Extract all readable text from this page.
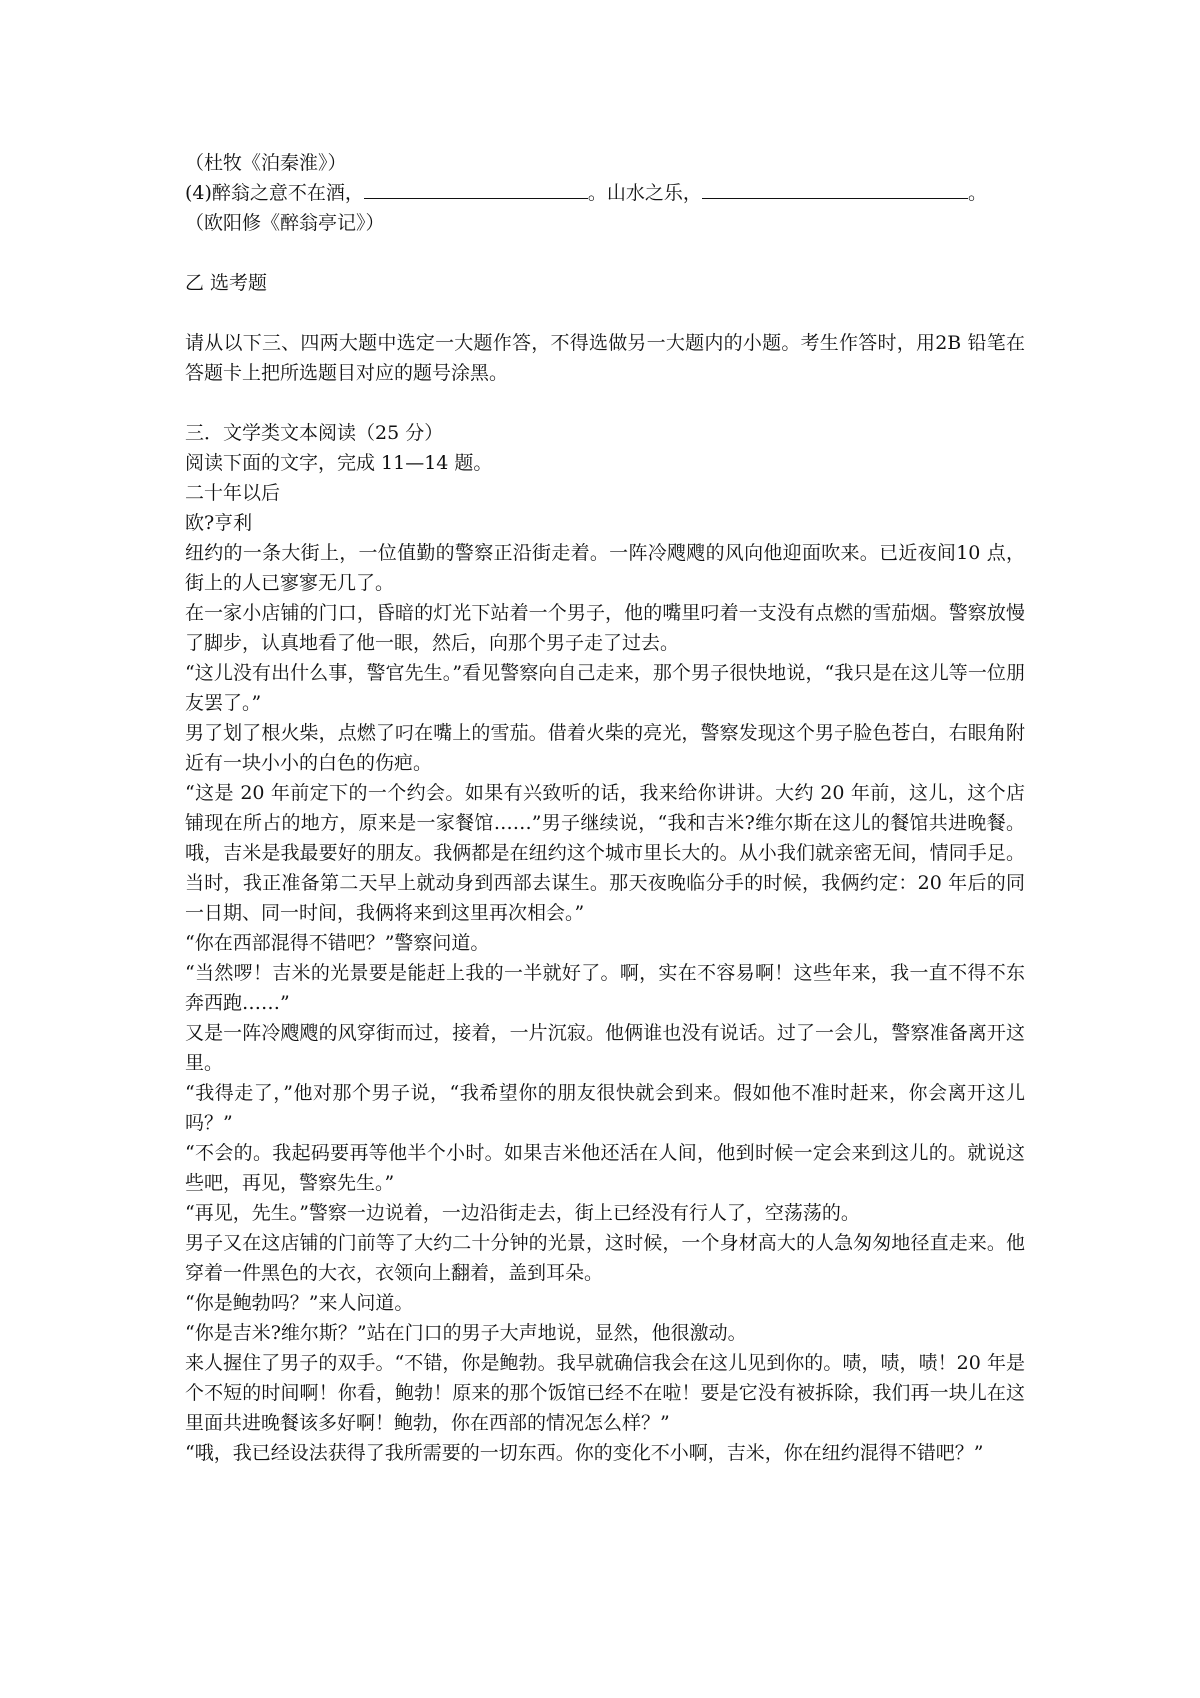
（杜牧《泊秦淮》）
(4)醉翁之意不在酒，	。山水之乐，	。
（欧阳修《醉翁亭记》）
乙 选考题
请从以下三、四两大题中选定一大题作答，不得选做另一大题内的小题。考生作答时，用2B 铅笔在答题卡上把所选题目对应的题号涂黑。
三．文学类文本阅读（25 分）
阅读下面的文字，完成 11—14 题。
二十年以后
欧?亨利
纽约的一条大街上，一位值勤的警察正沿街走着。一阵冷飕飕的风向他迎面吹来。已近夜间10 点，街上的人已寥寥无几了。
在一家小店铺的门口，昏暗的灯光下站着一个男子，他的嘴里叼着一支没有点燃的雪茄烟。警察放慢了脚步，认真地看了他一眼，然后，向那个男子走了过去。
“这儿没有出什么事，警官先生。”看见警察向自己走来，那个男子很快地说，“我只是在这儿等一位朋友罢了。”
男了划了根火柴，点燃了叼在嘴上的雪茄。借着火柴的亮光，警察发现这个男子脸色苍白，右眼角附近有一块小小的白色的伤疤。
“这是 20 年前定下的一个约会。如果有兴致听的话，我来给你讲讲。大约 20 年前，这儿，这个店铺现在所占的地方，原来是一家餐馆……”男子继续说，“我和吉米?维尔斯在这儿的餐馆共进晚餐。哦，吉米是我最要好的朋友。我俩都是在纽约这个城市里长大的。从小我们就亲密无间，情同手足。当时，我正准备第二天早上就动身到西部去谋生。那天夜晚临分手的时候，我俩约定：20 年后的同一日期、同一时间，我俩将来到这里再次相会。”
“你在西部混得不错吧？”警察问道。
“当然啰！吉米的光景要是能赶上我的一半就好了。啊，实在不容易啊！这些年来，我一直不得不东奔西跑……”
又是一阵冷飕飕的风穿街而过，接着，一片沉寂。他俩谁也没有说话。过了一会儿，警察准备离开这里。
“我得走了，”他对那个男子说，“我希望你的朋友很快就会到来。假如他不准时赶来，你会离开这儿吗？”
“不会的。我起码要再等他半个小时。如果吉米他还活在人间，他到时候一定会来到这儿的。就说这些吧，再见，警察先生。”
“再见，先生。”警察一边说着，一边沿街走去，街上已经没有行人了，空荡荡的。
男子又在这店铺的门前等了大约二十分钟的光景，这时候，一个身材高大的人急匆匆地径直走来。他穿着一件黑色的大衣，衣领向上翻着，盖到耳朵。
“你是鲍勃吗？”来人问道。
“你是吉米?维尔斯？”站在门口的男子大声地说，显然，他很激动。
来人握住了男子的双手。“不错，你是鲍勃。我早就确信我会在这儿见到你的。啧，啧，啧！20 年是个不短的时间啊！你看，鲍勃！原来的那个饭馆已经不在啦！要是它没有被拆除，我们再一块儿在这里面共进晚餐该多好啊！鲍勃，你在西部的情况怎么样？”
“哦，我已经设法获得了我所需要的一切东西。你的变化不小啊，吉米，你在纽约混得不错吧？”
